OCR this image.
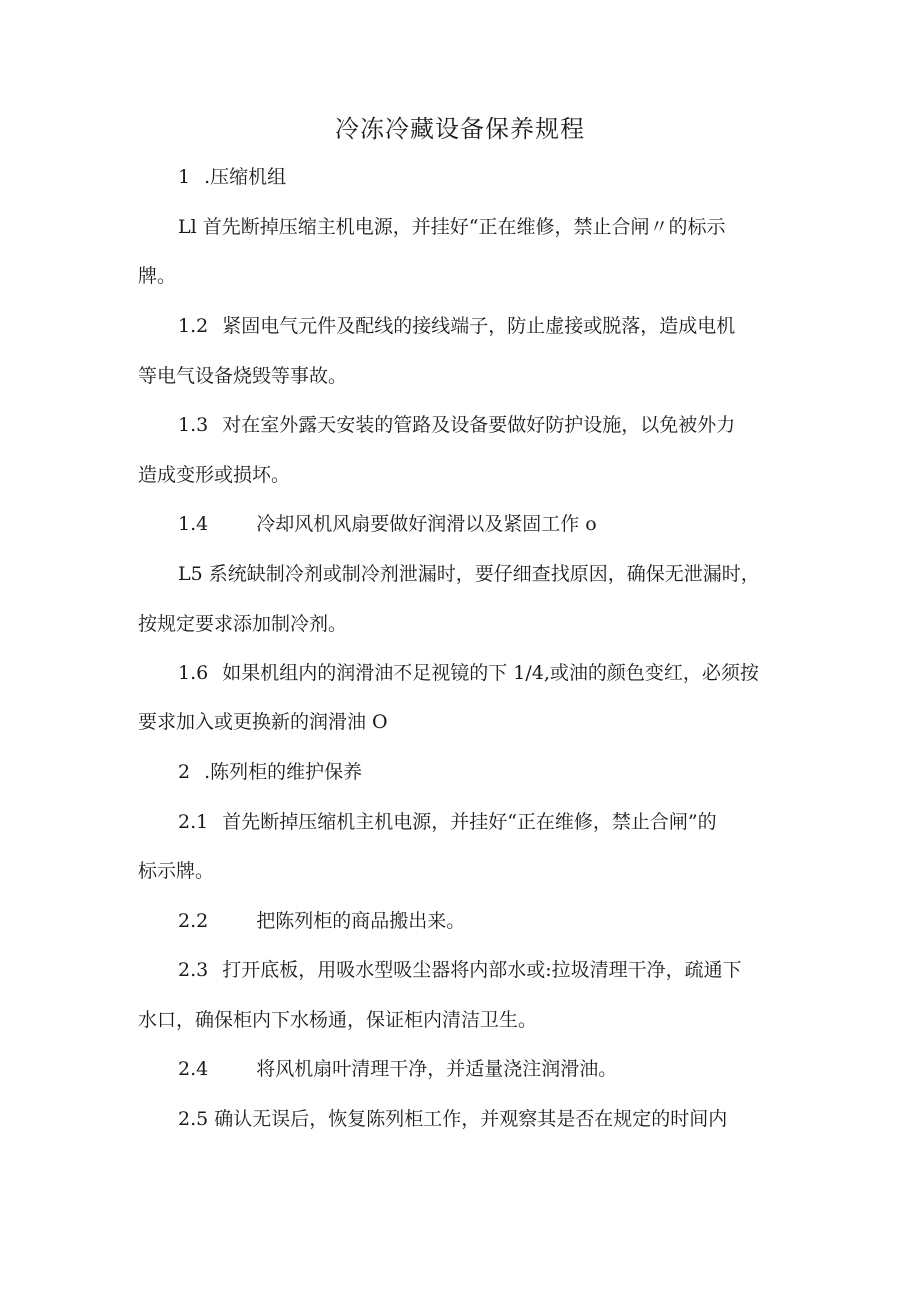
冷冻冷藏设备保养规程
1 .压缩机组
Ll 首先断掉压缩主机电源，并挂好“正在维修，禁止合闸〃的标示
牌。
1.2 紧固电气元件及配线的接线端子，防止虚接或脱落，造成电机
等电气设备烧毁等事故。
1.3 对在室外露天安装的管路及设备要做好防护设施，以免被外力
造成变形或损坏。
1.4	冷却风机风扇要做好润滑以及紧固工作 o
L5 系统缺制冷剂或制冷剂泄漏时，要仔细查找原因，确保无泄漏时，
按规定要求添加制冷剂。
1.6 如果机组内的润滑油不足视镜的下 1/4,或油的颜色变红，必须按
要求加入或更换新的润滑油 O
2 .陈列柜的维护保养
2.1 首先断掉压缩机主机电源，并挂好“正在维修，禁止合闸”的
标示牌。
2.2	把陈列柜的商品搬出来。
2.3 打开底板，用吸水型吸尘器将内部水或:拉圾清理干净，疏通下
水口，确保柜内下水杨通，保证柜内清洁卫生。
2.4	将风机扇叶清理干净，并适量浇注润滑油。
2.5 确认无误后，恢复陈列柜工作，并观察其是否在规定的时间内
